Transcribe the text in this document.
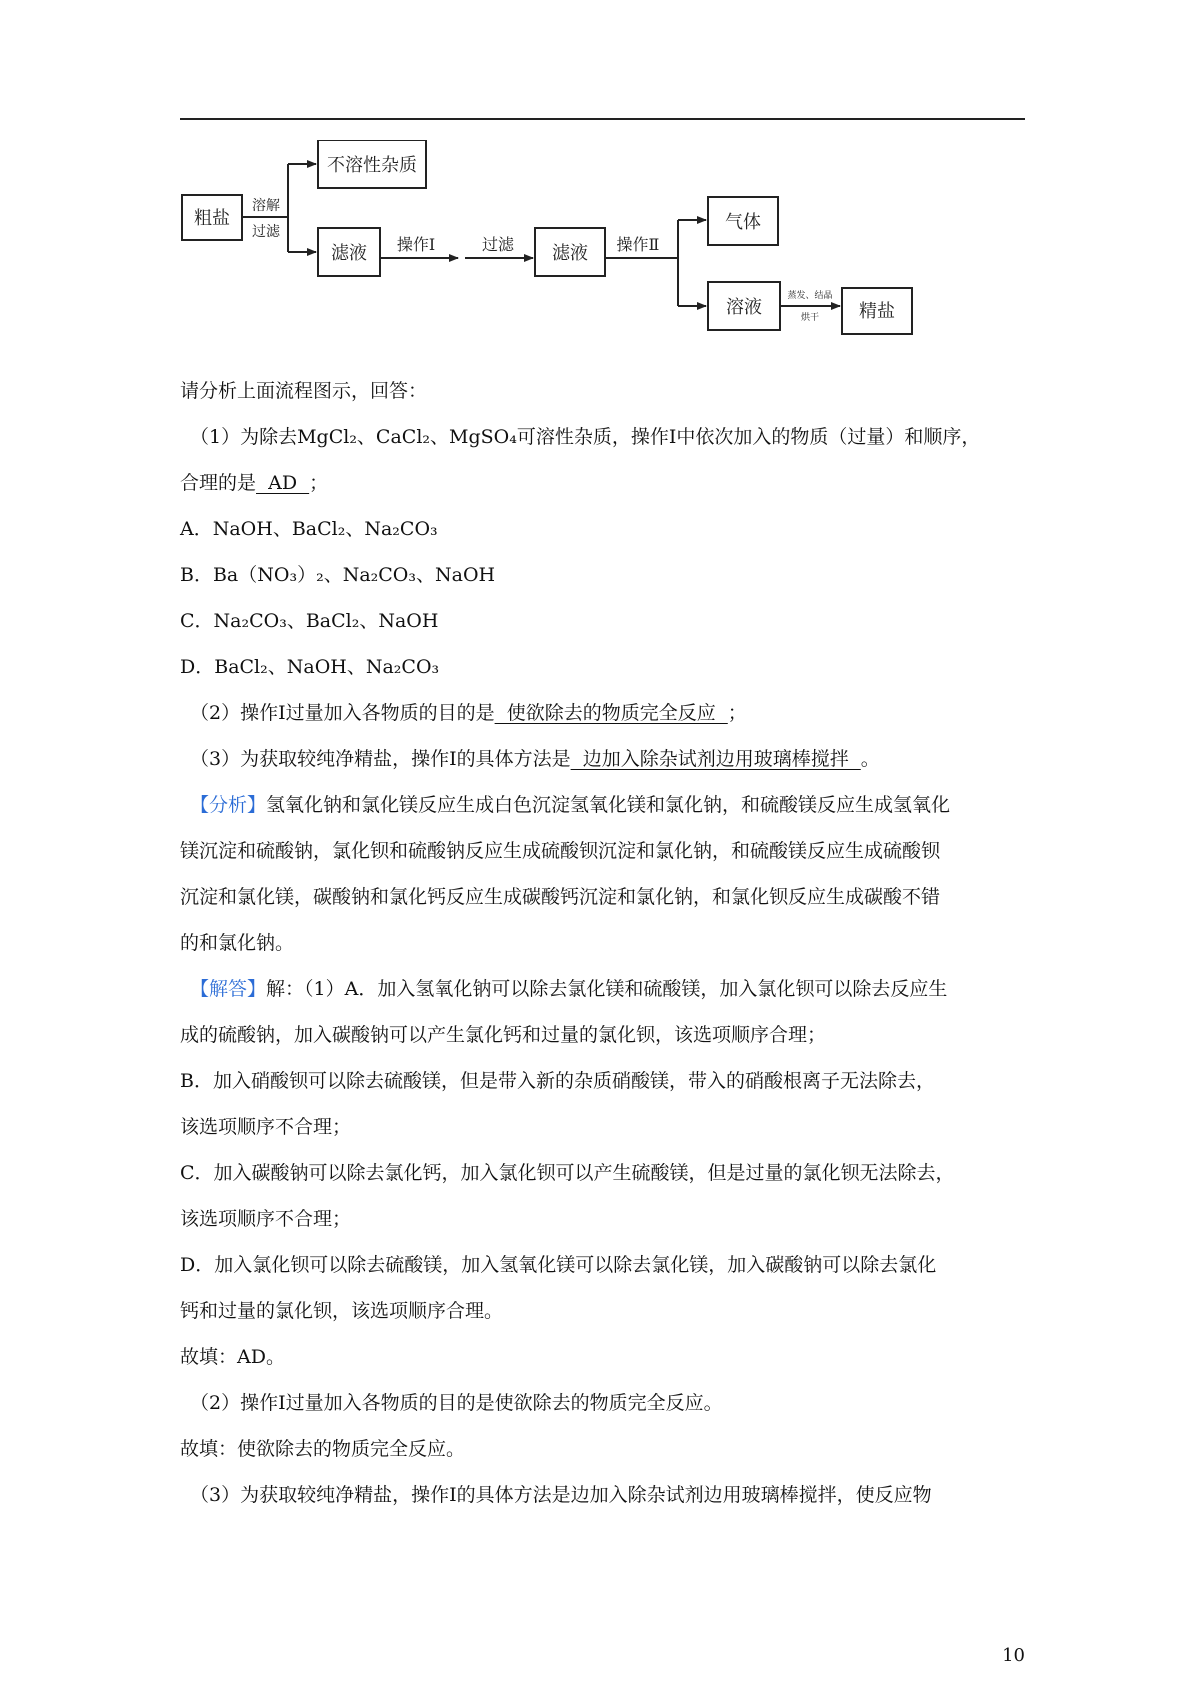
粗盐
溶解
过滤
不溶性杂质
滤液 操作Ⅰ	过滤 滤液 操作Ⅱ
气体
溶液
蒸发、结晶
烘干 精盐

请分析上面流程图示，回答：

（1）为除去MgCl₂、CaCl₂、MgSO₄可溶性杂质，操作Ⅰ中依次加入的物质（过量）和顺序，

合理的是  AD  ；

A．NaOH、BaCl₂、Na₂CO₃

B．Ba（NO₃）₂、Na₂CO₃、NaOH

C．Na₂CO₃、BaCl₂、NaOH

D．BaCl₂、NaOH、Na₂CO₃

（2）操作Ⅰ过量加入各物质的目的是  使欲除去的物质完全反应  ；

（3）为获取较纯净精盐，操作Ⅰ的具体方法是  边加入除杂试剂边用玻璃棒搅拌  。

【分析】氢氧化钠和氯化镁反应生成白色沉淀氢氧化镁和氯化钠，和硫酸镁反应生成氢氧化

镁沉淀和硫酸钠，氯化钡和硫酸钠反应生成硫酸钡沉淀和氯化钠，和硫酸镁反应生成硫酸钡

沉淀和氯化镁，碳酸钠和氯化钙反应生成碳酸钙沉淀和氯化钠，和氯化钡反应生成碳酸不错

的和氯化钠。

【解答】解：（1）A．加入氢氧化钠可以除去氯化镁和硫酸镁，加入氯化钡可以除去反应生

成的硫酸钠，加入碳酸钠可以产生氯化钙和过量的氯化钡，该选项顺序合理；

B．加入硝酸钡可以除去硫酸镁，但是带入新的杂质硝酸镁，带入的硝酸根离子无法除去，

该选项顺序不合理；

C．加入碳酸钠可以除去氯化钙，加入氯化钡可以产生硫酸镁，但是过量的氯化钡无法除去，

该选项顺序不合理；

D．加入氯化钡可以除去硫酸镁，加入氢氧化镁可以除去氯化镁，加入碳酸钠可以除去氯化

钙和过量的氯化钡，该选项顺序合理。

故填：AD。

（2）操作Ⅰ过量加入各物质的目的是使欲除去的物质完全反应。

故填：使欲除去的物质完全反应。

（3）为获取较纯净精盐，操作Ⅰ的具体方法是边加入除杂试剂边用玻璃棒搅拌，使反应物

10
